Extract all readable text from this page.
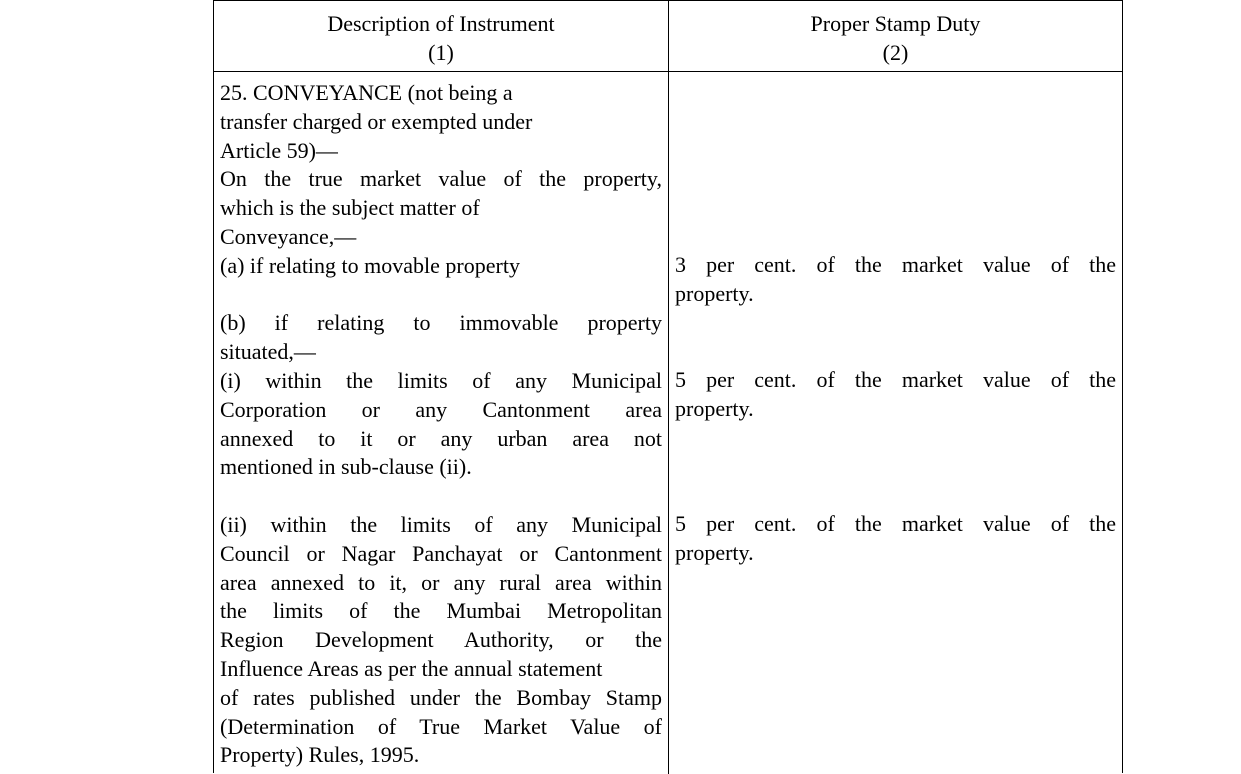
Description of Instrument
(1)
Proper Stamp Duty
(2)
25. CONVEYANCE (not being a
transfer charged or exempted under
Article 59)—
On the true market value of the property,
which is the subject matter of
Conveyance,—
(a) if relating to movable property
(b) if relating to immovable property
situated,—
(i) within the limits of any Municipal
Corporation or any Cantonment area
annexed to it or any urban area not
mentioned in sub-clause (ii).
(ii) within the limits of any Municipal
Council or Nagar Panchayat or Cantonment
area annexed to it, or any rural area within
the limits of the Mumbai Metropolitan
Region Development Authority, or the
Influence Areas as per the annual statement
of rates published under the Bombay Stamp
(Determination of True Market Value of
Property) Rules, 1995.
3 per cent. of the market value of the
property.
5 per cent. of the market value of the
property.
5 per cent. of the market value of the
property.
